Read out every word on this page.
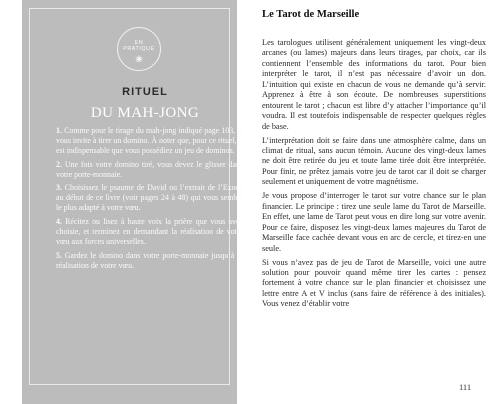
EN PRATIQUE
❀
RITUEL
DU MAH-JONG

1. Comme pour le tirage du mah-jong indiqué page 103, je vous invite à tirer un domino. À noter que, pour ce rituel, il est indispensable que vous possédiez un jeu de dominos.

2. Une fois votre domino tiré, vous devez le glisser dans votre porte-monnaie.

3. Choisissez le psaume de David ou l’extrait de l’Exode au début de ce livre (voir pages 24 à 48) qui vous semble le plus adapté à votre vœu.

4. Récitez ou lisez à haute voix la prière que vous avez choisie, et terminez en demandant la réalisation de votre vœu aux forces universelles.

5. Gardez le domino dans votre porte-monnaie jusqu’à la réalisation de votre vœu.

Le Tarot de Marseille

Les tarologues utilisent généralement uniquement les vingt-deux arcanes (ou lames) majeurs dans leurs tirages, par choix, car ils contiennent l’ensemble des informations du tarot. Pour bien interpréter le tarot, il n’est pas nécessaire d’avoir un don. L’intuition qui existe en chacun de vous ne demande qu’à servir. Apprenez à être à son écoute. De nombreuses superstitions entourent le tarot ; chacun est libre d’y attacher l’importance qu’il voudra. Il est toutefois indispensable de respecter quelques règles de base.

L’interprétation doit se faire dans une atmosphère calme, dans un climat de ritual, sans aucun témoin. Aucune des vingt-deux lames ne doit être retirée du jeu et toute lame tirée doit être interprétée. Pour finir, ne prêtez jamais votre jeu de tarot car il doit se charger seulement et uniquement de votre magnétisme.

Je vous propose d’interroger le tarot sur votre chance sur le plan financier. Le principe : tirez une seule lame du Tarot de Marseille. En effet, une lame de Tarot peut vous en dire long sur votre avenir. Pour ce faire, disposez les vingt-deux lames majeures du Tarot de Marseille face cachée devant vous en arc de cercle, et tirez-en une seule.

Si vous n’avez pas de jeu de Tarot de Marseille, voici une autre solution pour pouvoir quand même tirer les cartes : pensez fortement à votre chance sur le plan financier et choisissez une lettre entre A et V inclus (sans faire de référence à des initiales). Vous venez d’établir votre

111
